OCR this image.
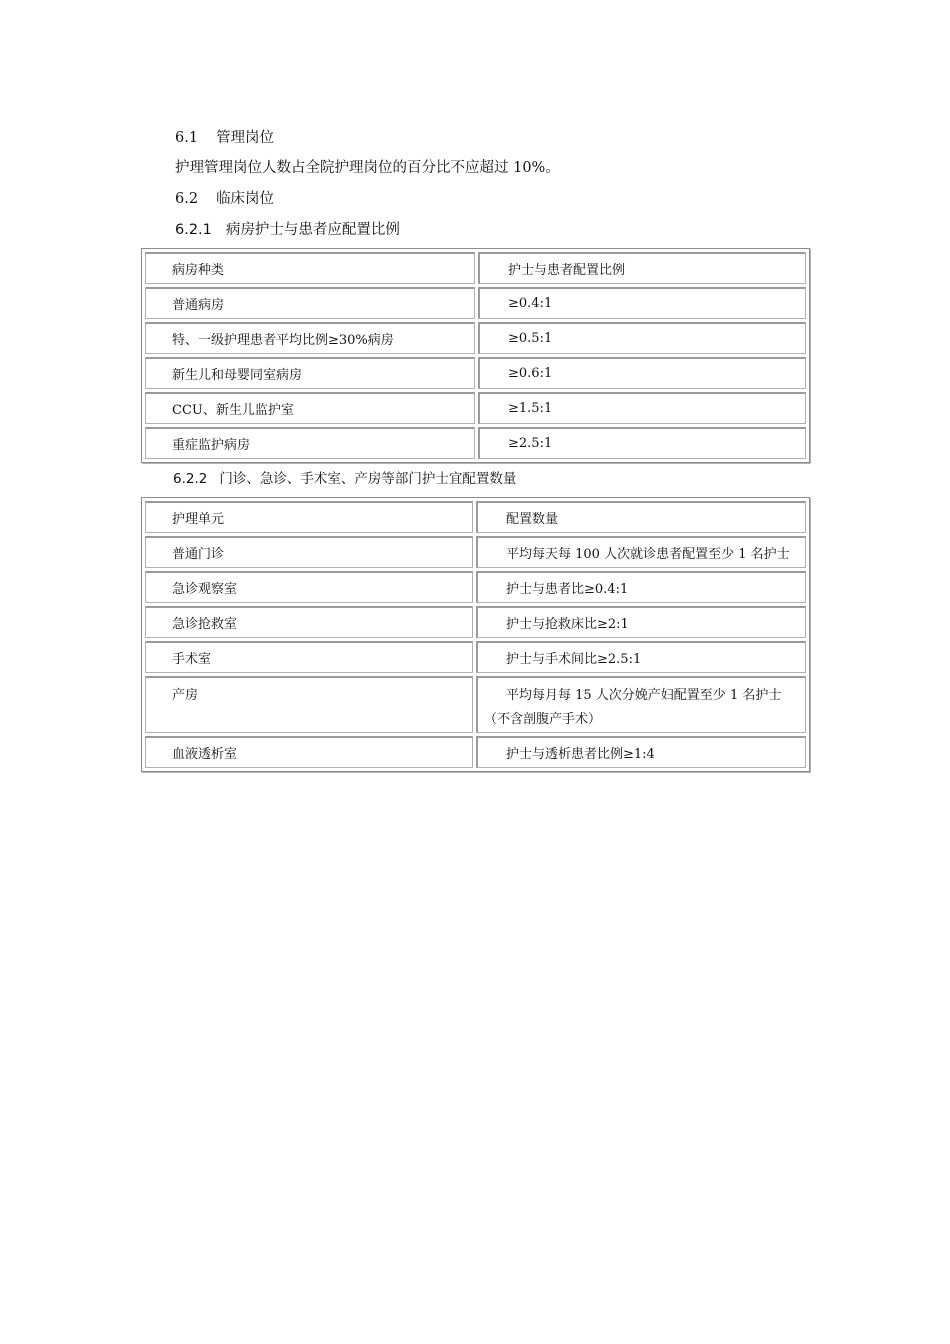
6.1 管理岗位
护理管理岗位人数占全院护理岗位的百分比不应超过 10%。
6.2 临床岗位
6.2.1 病房护士与患者应配置比例
病房种类	护士与患者配置比例
普通病房	≥0.4:1
特、一级护理患者平均比例≥30%病房	≥0.5:1
新生儿和母婴同室病房	≥0.6:1
CCU、新生儿监护室	≥1.5:1
重症监护病房	≥2.5:1
6.2.2 门诊、急诊、手术室、产房等部门护士宜配置数量
护理单元	配置数量
普通门诊	平均每天每 100 人次就诊患者配置至少 1 名护士
急诊观察室	护士与患者比≥0.4:1
急诊抢救室	护士与抢救床比≥2:1
手术室	护士与手术间比≥2.5:1
产房	平均每月每 15 人次分娩产妇配置至少 1 名护士
（不含剖腹产手术）

血液透析室	护士与透析患者比例≥1:4
